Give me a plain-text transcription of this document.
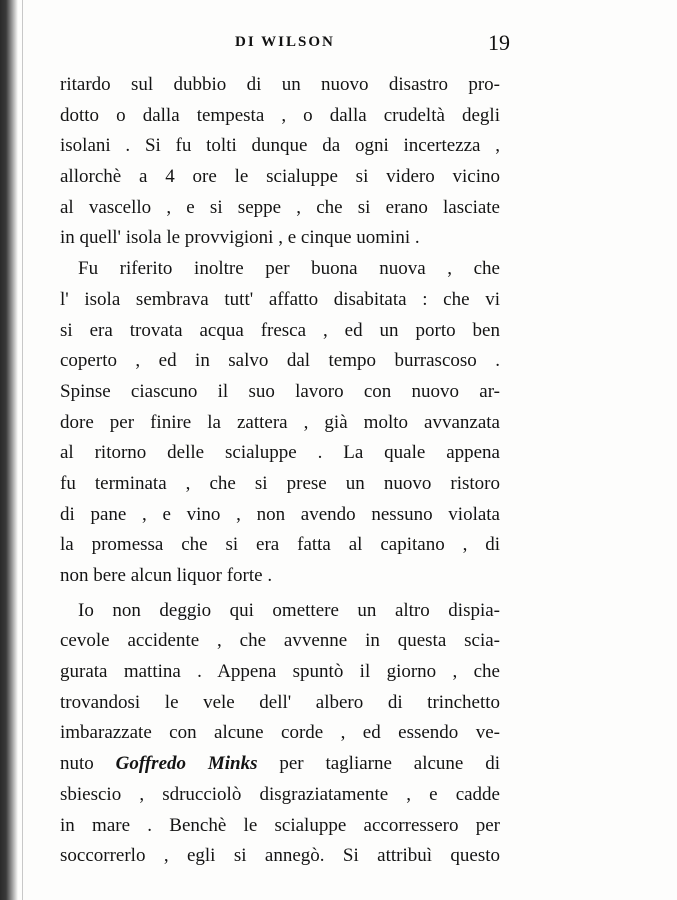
DI WILSON	19
ritardo sul dubbio di un nuovo disastro pro-
dotto o dalla tempesta , o dalla crudeltà degli
isolani . Si fu tolti dunque da ogni incertezza ,
allorchè a 4 ore le scialuppe si videro vicino
al vascello , e si seppe , che si erano lasciate
in quell' isola le provvigioni , e cinque uomini .
Fu riferito inoltre per buona nuova , che
l' isola sembrava tutt' affatto disabitata : che vi
si era trovata acqua fresca , ed un porto ben
coperto , ed in salvo dal tempo burrascoso .
Spinse ciascuno il suo lavoro con nuovo ar-
dore per finire la zattera , già molto avvanzata
al ritorno delle scialuppe . La quale appena
fu terminata , che si prese un nuovo ristoro
di pane , e vino , non avendo nessuno violata
la promessa che si era fatta al capitano , di
non bere alcun liquor forte .
Io non deggio qui omettere un altro dispia-
cevole accidente , che avvenne in questa scia-
gurata mattina . Appena spuntò il giorno , che
trovandosi le vele dell' albero di trinchetto
imbarazzate con alcune corde , ed essendo ve-
nuto Goffredo Minks per tagliarne alcune di
sbiescio , sdrucciolò disgraziatamente , e cadde
in mare . Benchè le scialuppe accorressero per
soccorrerlo , egli si annegò. Si attribuì questo
